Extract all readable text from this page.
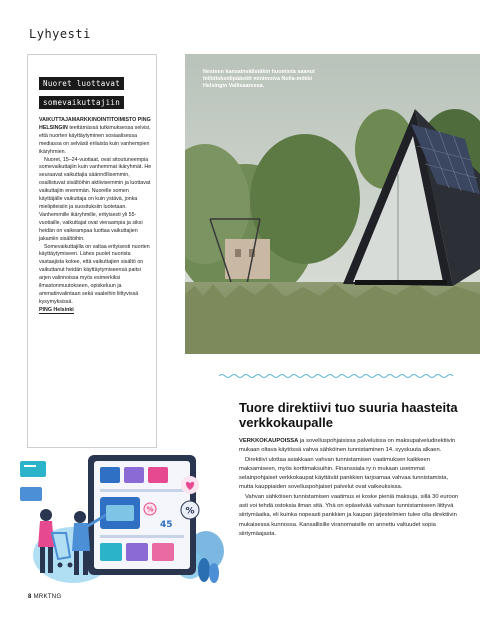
Lyhyesti
Nuoret luottavat
somevaikuttajiin

VAIKUTTAJAMARKKINOINTITOIMISTO PING HELSINGIN teettämässä tutkimuksessa selvisi, että nuorten käyttäytyminen sosiaalisessa mediassa on selvästi erilaista kuin vanhempien ikäryhmien.

Nuoret, 15–24-vuotiaat, ovat sitoutuneempia somevaikuttajiin kuin vanhemmat ikäryhmät. He seuraavat vaikuttajia säännöllisemmin, osallistuvat sisältöihin aktiivisemmin ja luottavat vaikuttajiin enemmän. Nuorelle somen käyttäjälle vaikuttaja on kuin ystävä, jonka mielipiteisiin ja suosituksiin luotetaan. Vanhemmille ikäryhmille, erityisesti yli 55-vuotiaille, vaikuttajat ovat vieraampia ja siksi heidän on vaikeampaa luottaa vaikuttajien jakamiin sisältöihin.

Somevaikuttajilla on valtaa erityisesti nuorten käyttäytymiseen. Lähes puolet nuorista vastaajista kokee, että vaikuttajien sisältö on vaikuttanut heidän käyttäytymiseensä paitsi arjen valinnoissa myös esimerkiksi ilmastonmuutokseen, opiskeluun ja ammatinvalintaan sekä vaaleihin liittyvissä kysymyksissä.

PING Helsinki

Nesteen kansainvälistäkin huomiota saanut hiilidioksidipäästöt minimoiva Nolla-mökki Helsingin Vallisaaressa.
Tuore direktiivi tuo suuria haasteita verkkokaupalle

VERKKOKAUPOISSA ja sovelluspohjaisissa palveluissa on maksupalveludirektiivin mukaan oltava käytössä vahva sähköinen tunnistaminen 14. syyskuuta alkaen.

Direktiivi ulottaa asiakkaan vahvan tunnistamisen vaatimuksen kaikkeen maksamiseen, myös korttimaksuihin. Finanssiala ry:n mukaan useimmat selainpohjaiset verkkokaupat käyttävät pankkien tarjoamaa vahvaa tunnistamista, mutta kauppiaiden sovelluspohjaiset palvelut ovat vaikeuksissa.

Vahvan sähköisen tunnistamisen vaatimus ei koske pieniä maksuja, sillä 30 euroon asti voi tehdä ostoksia ilman sitä. Yhä on epäselvää vahvaan tunnistamiseen liittyvä siirtymäaika, eli kuinka nopeasti pankkien ja kaupan järjestelmien tulee olla direktiivin mukaisessa kunnossa. Kansallisille viranomaisille on annettu valtuudet sopia siirtymäajasta.

%
45
%
8 MRKTNG
